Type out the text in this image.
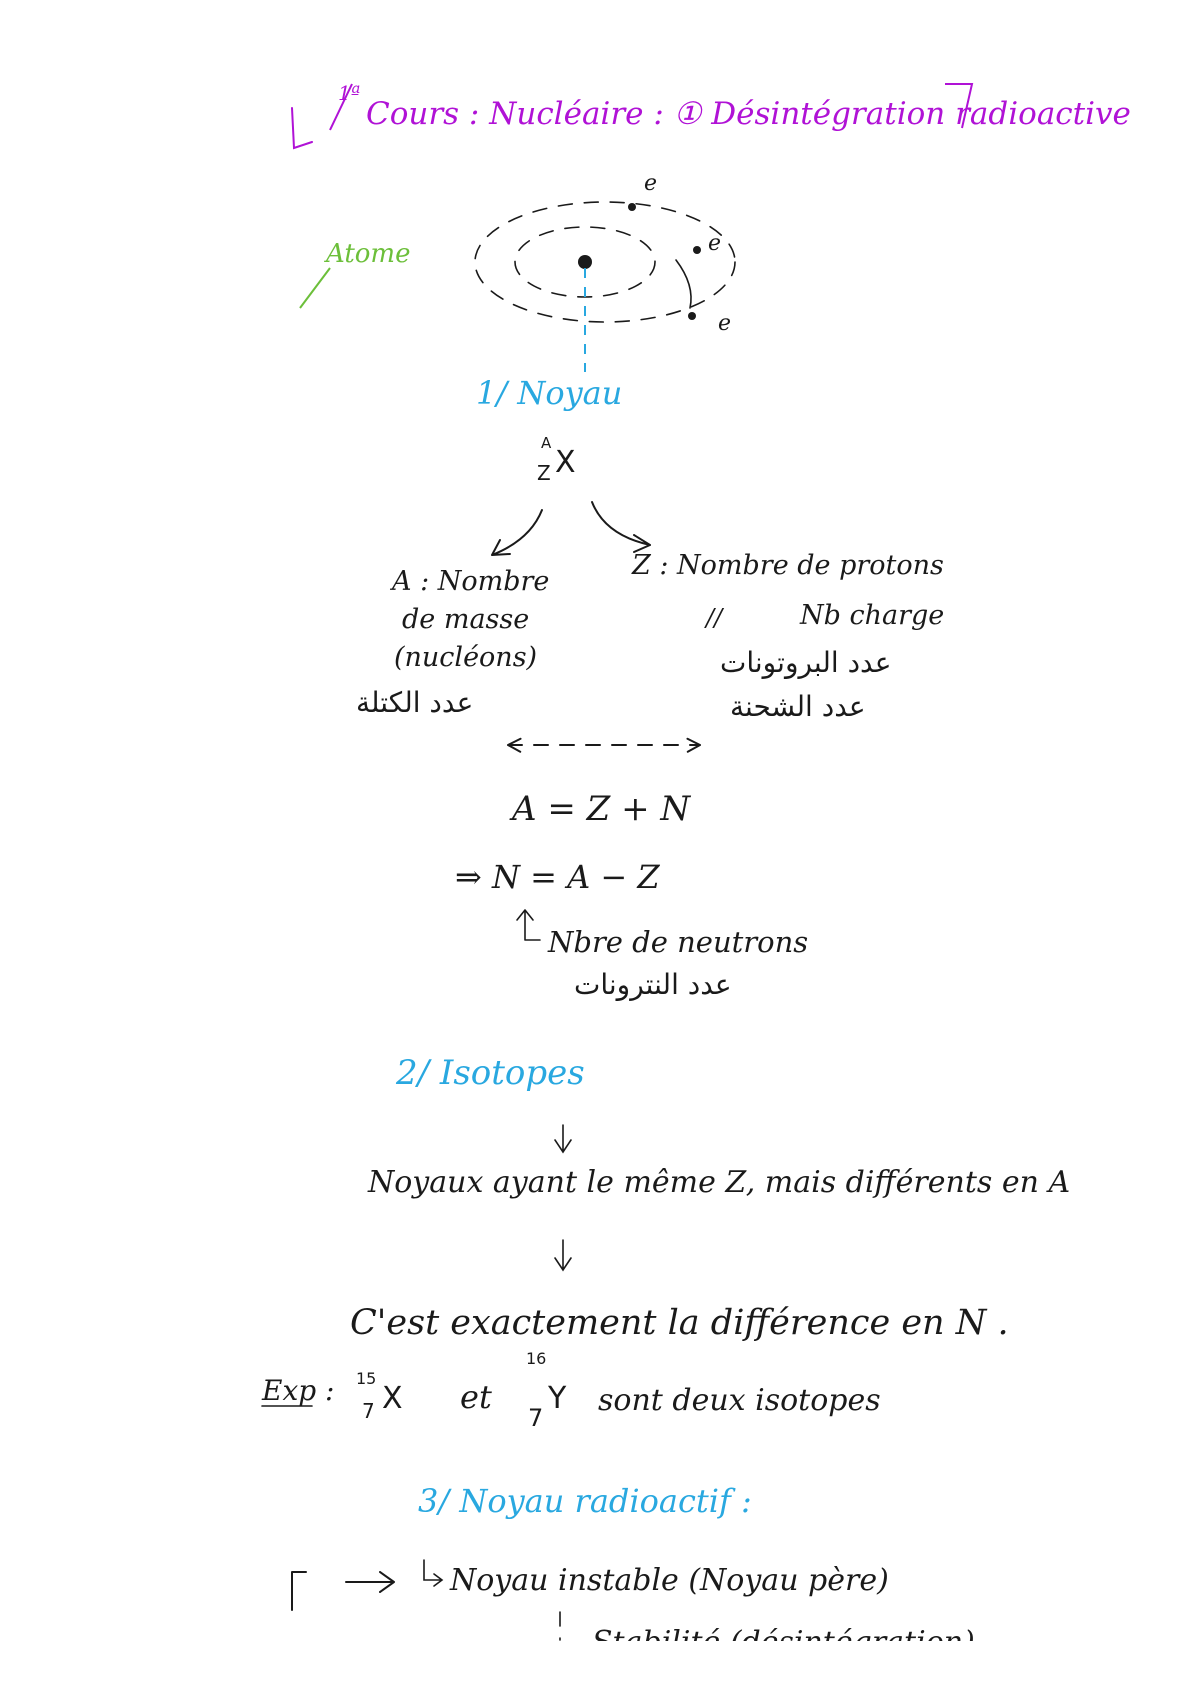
1ª
Cours : Nucléaire : ① Désintégration radioactive
Atome
e
e
e
1/ Noyau
A
Z X
A : Nombre
de masse
(nucléons)
عدد الكتلة
Z : Nombre de protons
//	Nb charge
عدد البروتونات
عدد الشحنة
A = Z + N
⇒ N = A − Z
Nbre de neutrons
عدد النترونات
2/ Isotopes
Noyaux ayant le même Z, mais différents en A
C'est exactement la différence en N .
Exp : 15
7 X et
16
7
Y sont deux isotopes
3/ Noyau radioactif :
Noyau instable (Noyau père)
